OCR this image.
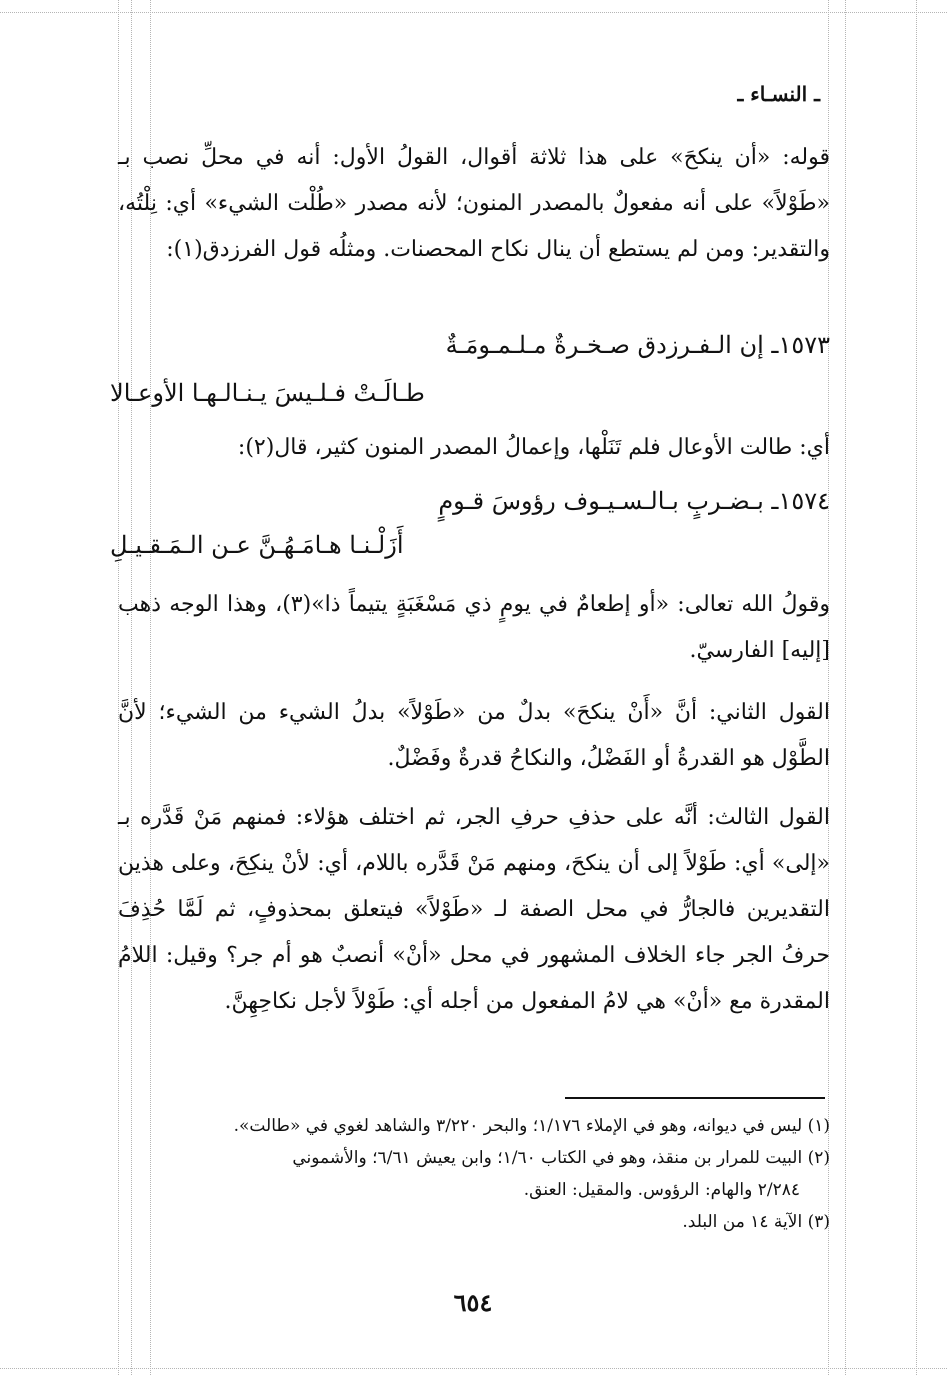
ـ النسـاء ـ
قوله: «أن ينكحَ» على هذا ثلاثة أقوال، القولُ الأول: أنه في محلِّ نصب بـ «طَوْلاً» على أنه مفعولٌ بالمصدر المنون؛ لأنه مصدر «طُلْت الشيء» أي: نِلْتُه، والتقدير: ومن لم يستطع أن ينال نكاح المحصنات. ومثلُه قول الفرزدق(١):
١٥٧٣ـ إن الـفـرزدق صـخـرةٌ مـلـمـومَـةٌ
طـالَـتْ فـلـيسَ يـنـالـهـا الأوعـالا
أي: طالت الأوعال فلم تَنَلْها، وإعمالُ المصدر المنون كثير، قال(٢):
١٥٧٤ـ بـضـربٍ بـالـسـيـوف رؤوسَ قـومٍ
أَزَلْـنـا هـامَـهُـنَّ عـن الـمَـقـيـلِ
وقولُ الله تعالى: «أو إطعامٌ في يومٍ ذي مَسْغَبَةٍ يتيماً ذا»(٣)، وهذا الوجه ذهب [إليه] الفارسيّ.
القول الثاني: أنَّ «أَنْ ينكحَ» بدلٌ من «طَوْلاً» بدلُ الشيء من الشيء؛ لأنَّ الطَّوْل هو القدرةُ أو الفَضْلُ، والنكاحُ قدرةٌ وفَضْلٌ.
القول الثالث: أنَّه على حذفِ حرفِ الجر، ثم اختلف هؤلاء: فمنهم مَنْ قَدَّره بـ «إلى» أي: طَوْلاً إلى أن ينكحَ، ومنهم مَنْ قَدَّره باللام، أي: لأنْ ينكِحَ، وعلى هذين التقديرين فالجارُّ في محل الصفة لـ «طَوْلاً» فيتعلق بمحذوفٍ، ثم لَمَّا حُذِفَ حرفُ الجر جاء الخلاف المشهور في محل «أنْ» أنصبٌ هو أم جر؟ وقيل: اللامُ المقدرة مع «أنْ» هي لامُ المفعول من أجله أي: طَوْلاً لأجل نكاحِهِنَّ.
(١) ليس في ديوانه، وهو في الإملاء ١/١٧٦؛ والبحر ٣/٢٢٠ والشاهد لغوي في «طالت».
(٢) البيت للمرار بن منقذ، وهو في الكتاب ١/٦٠؛ وابن يعيش ٦/٦١؛ والأشموني
٢/٢٨٤ والهام: الرؤوس. والمقيل: العنق.
(٣) الآية ١٤ من البلد.
٦٥٤
